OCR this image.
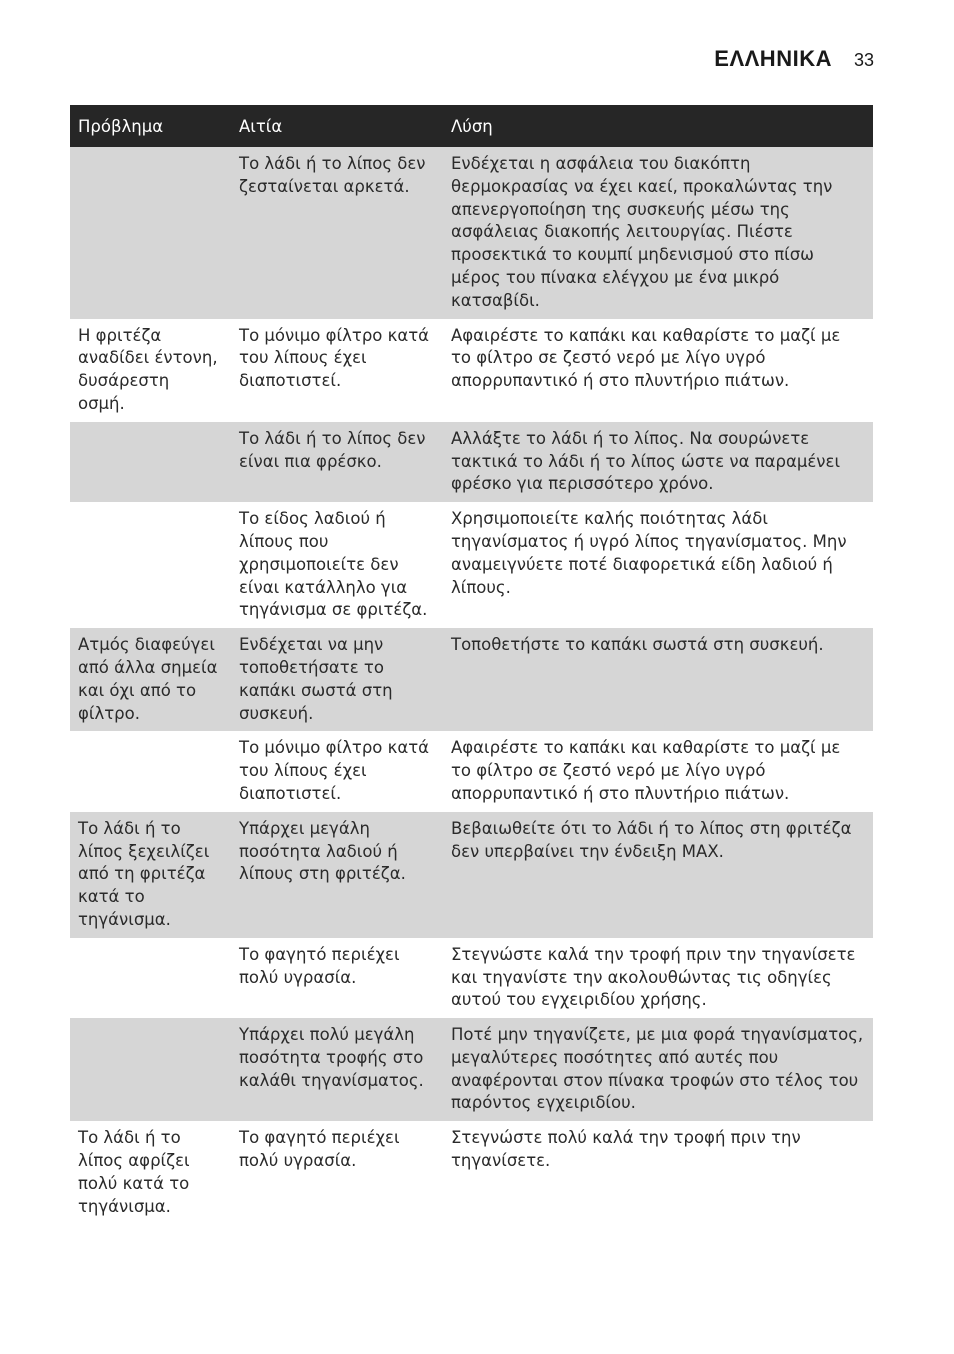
ΕΛΛΗΝΙΚΑ 33
Πρόβλημα	Αιτία	Λύση
Το λάδι ή το λίπος δεν
ζεσταίνεται αρκετά.
Ενδέχεται η ασφάλεια του διακόπτη
θερμοκρασίας να έχει καεί, προκαλώντας την
απενεργοποίηση της συσκευής μέσω της
ασφάλειας διακοπής λειτουργίας. Πιέστε
προσεκτικά το κουμπί μηδενισμού στο πίσω
μέρος του πίνακα ελέγχου με ένα μικρό
κατσαβίδι.
Η φριτέζα
αναδίδει έντονη,
δυσάρεστη
οσμή.
Το μόνιμο φίλτρο κατά
του λίπους έχει
διαποτιστεί.
Αφαιρέστε το καπάκι και καθαρίστε το μαζί με
το φίλτρο σε ζεστό νερό με λίγο υγρό
απορρυπαντικό ή στο πλυντήριο πιάτων.
Το λάδι ή το λίπος δεν
είναι πια φρέσκο.
Αλλάξτε το λάδι ή το λίπος. Να σουρώνετε
τακτικά το λάδι ή το λίπος ώστε να παραμένει
φρέσκο για περισσότερο χρόνο.
Το είδος λαδιού ή
λίπους που
χρησιμοποιείτε δεν
είναι κατάλληλο για
τηγάνισμα σε φριτέζα.
Χρησιμοποιείτε καλής ποιότητας λάδι
τηγανίσματος ή υγρό λίπος τηγανίσματος. Μην
αναμειγνύετε ποτέ διαφορετικά είδη λαδιού ή
λίπους.
Ατμός διαφεύγει
από άλλα σημεία
και όχι από το
φίλτρο.
Ενδέχεται να μην
τοποθετήσατε το
καπάκι σωστά στη
συσκευή.
Τοποθετήστε το καπάκι σωστά στη συσκευή.
Το μόνιμο φίλτρο κατά
του λίπους έχει
διαποτιστεί.
Αφαιρέστε το καπάκι και καθαρίστε το μαζί με
το φίλτρο σε ζεστό νερό με λίγο υγρό
απορρυπαντικό ή στο πλυντήριο πιάτων.
Το λάδι ή το
λίπος ξεχειλίζει
από τη φριτέζα
κατά το
τηγάνισμα.
Υπάρχει μεγάλη
ποσότητα λαδιού ή
λίπους στη φριτέζα.
Βεβαιωθείτε ότι το λάδι ή το λίπος στη φριτέζα
δεν υπερβαίνει την ένδειξη MAX.
Το φαγητό περιέχει
πολύ υγρασία.
Στεγνώστε καλά την τροφή πριν την τηγανίσετε
και τηγανίστε την ακολουθώντας τις οδηγίες
αυτού του εγχειριδίου χρήσης.
Υπάρχει πολύ μεγάλη
ποσότητα τροφής στο
καλάθι τηγανίσματος.
Ποτέ μην τηγανίζετε, με μια φορά τηγανίσματος,
μεγαλύτερες ποσότητες από αυτές που
αναφέρονται στον πίνακα τροφών στο τέλος του
παρόντος εγχειριδίου.
Το λάδι ή το
λίπος αφρίζει
πολύ κατά το
τηγάνισμα.
Το φαγητό περιέχει
πολύ υγρασία.
Στεγνώστε πολύ καλά την τροφή πριν την
τηγανίσετε.
